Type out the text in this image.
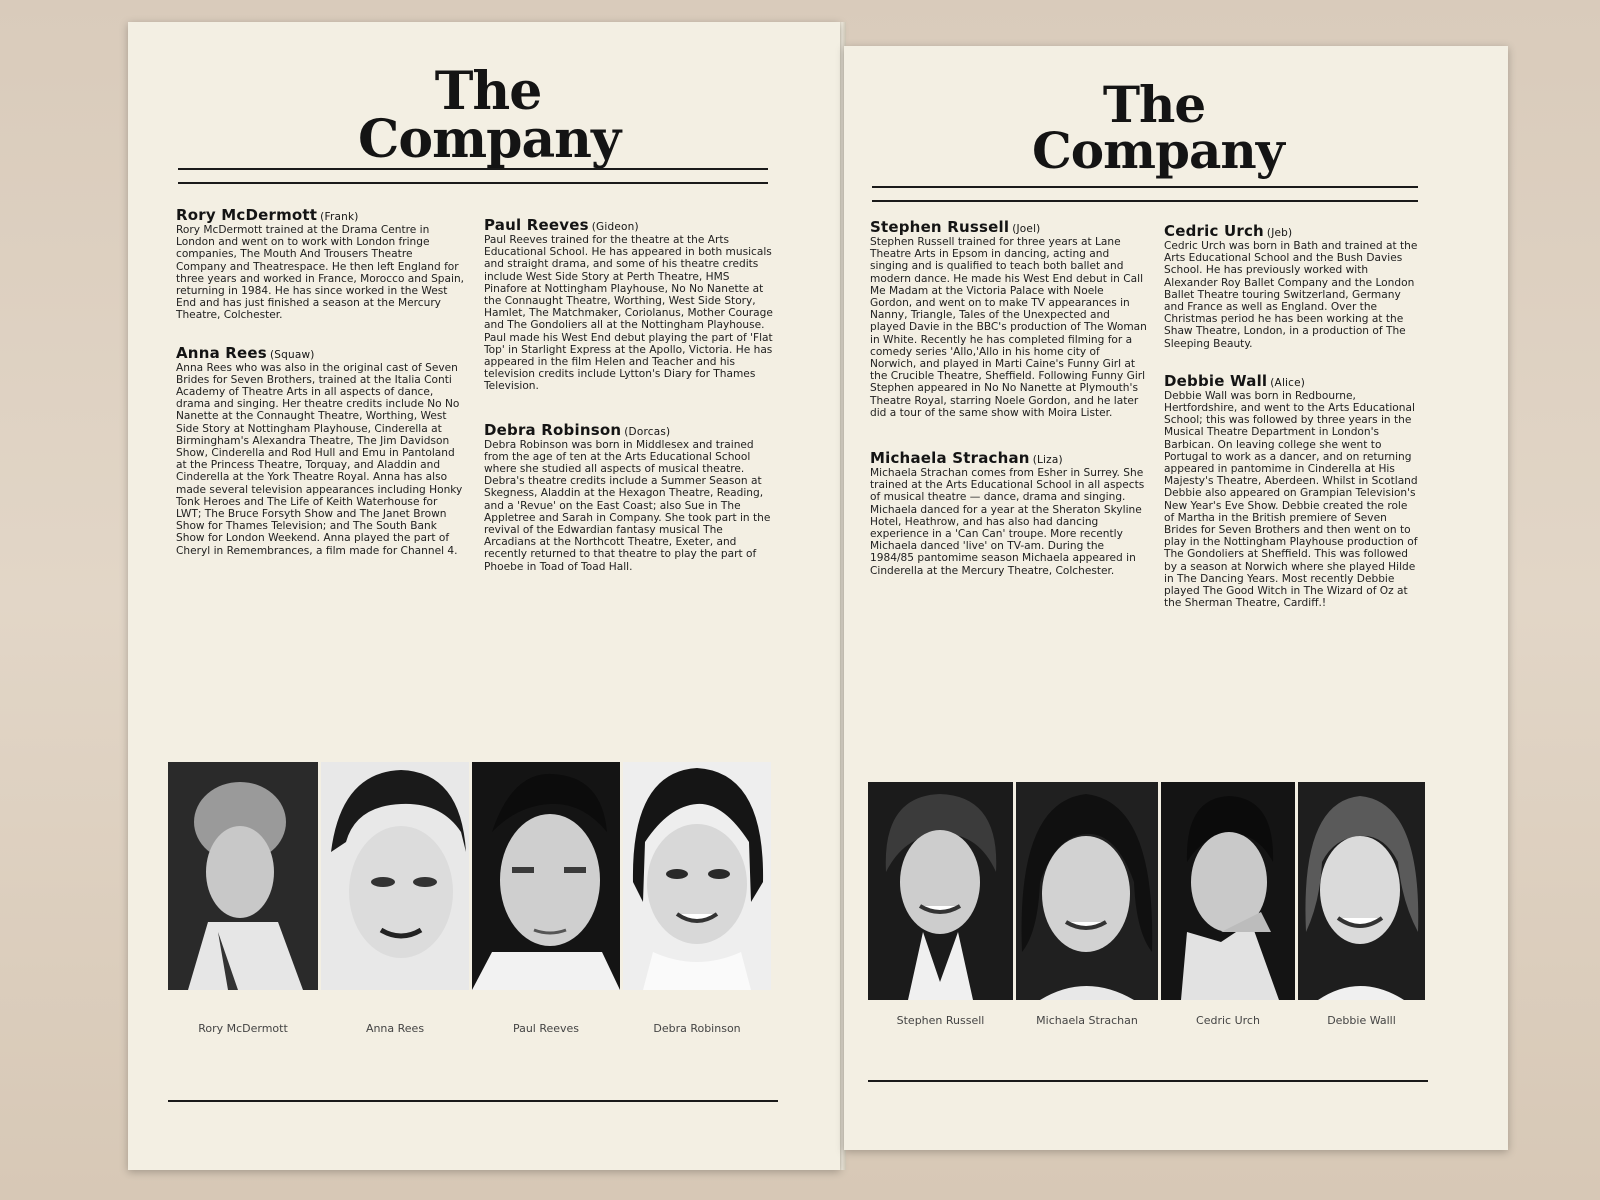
The
Company
Rory McDermott (Frank)

Rory McDermott trained at the Drama Centre in London and went on to work with London fringe companies, The Mouth And Trousers Theatre Company and Theatrespace. He then left England for three years and worked in France, Morocco and Spain, returning in 1984. He has since worked in the West End and has just finished a season at the Mercury Theatre, Colchester.

Anna Rees (Squaw)

Anna Rees who was also in the original cast of Seven Brides for Seven Brothers, trained at the Italia Conti Academy of Theatre Arts in all aspects of dance, drama and singing. Her theatre credits include No No Nanette at the Connaught Theatre, Worthing, West Side Story at Nottingham Playhouse, Cinderella at Birmingham's Alexandra Theatre, The Jim Davidson Show, Cinderella and Rod Hull and Emu in Pantoland at the Princess Theatre, Torquay, and Aladdin and Cinderella at the York Theatre Royal. Anna has also made several television appearances including Honky Tonk Heroes and The Life of Keith Waterhouse for LWT; The Bruce Forsyth Show and The Janet Brown Show for Thames Television; and The South Bank Show for London Weekend. Anna played the part of Cheryl in Remembrances, a film made for Channel 4.

Paul Reeves (Gideon)

Paul Reeves trained for the theatre at the Arts Educational School. He has appeared in both musicals and straight drama, and some of his theatre credits include West Side Story at Perth Theatre, HMS Pinafore at Nottingham Playhouse, No No Nanette at the Connaught Theatre, Worthing, West Side Story, Hamlet, The Matchmaker, Coriolanus, Mother Courage and The Gondoliers all at the Nottingham Playhouse. Paul made his West End debut playing the part of 'Flat Top' in Starlight Express at the Apollo, Victoria. He has appeared in the film Helen and Teacher and his television credits include Lytton's Diary for Thames Television.

Debra Robinson (Dorcas)

Debra Robinson was born in Middlesex and trained from the age of ten at the Arts Educational School where she studied all aspects of musical theatre. Debra's theatre credits include a Summer Season at Skegness, Aladdin at the Hexagon Theatre, Reading, and a 'Revue' on the East Coast; also Sue in The Appletree and Sarah in Company. She took part in the revival of the Edwardian fantasy musical The Arcadians at the Northcott Theatre, Exeter, and recently returned to that theatre to play the part of Phoebe in Toad of Toad Hall.

Rory McDermott	Anna Rees	Paul Reeves	Debra Robinson
The
Company
Stephen Russell (Joel)

Stephen Russell trained for three years at Lane Theatre Arts in Epsom in dancing, acting and singing and is qualified to teach both ballet and modern dance. He made his West End debut in Call Me Madam at the Victoria Palace with Noele Gordon, and went on to make TV appearances in Nanny, Triangle, Tales of the Unexpected and played Davie in the BBC's production of The Woman in White. Recently he has completed filming for a comedy series 'Allo,'Allo in his home city of Norwich, and played in Marti Caine's Funny Girl at the Crucible Theatre, Sheffield. Following Funny Girl Stephen appeared in No No Nanette at Plymouth's Theatre Royal, starring Noele Gordon, and he later did a tour of the same show with Moira Lister.

Michaela Strachan (Liza)

Michaela Strachan comes from Esher in Surrey. She trained at the Arts Educational School in all aspects of musical theatre — dance, drama and singing. Michaela danced for a year at the Sheraton Skyline Hotel, Heathrow, and has also had dancing experience in a 'Can Can' troupe. More recently Michaela danced 'live' on TV-am. During the 1984/85 pantomime season Michaela appeared in Cinderella at the Mercury Theatre, Colchester.

Cedric Urch (Jeb)

Cedric Urch was born in Bath and trained at the Arts Educational School and the Bush Davies School. He has previously worked with Alexander Roy Ballet Company and the London Ballet Theatre touring Switzerland, Germany and France as well as England. Over the Christmas period he has been working at the Shaw Theatre, London, in a production of The Sleeping Beauty.

Debbie Wall (Alice)

Debbie Wall was born in Redbourne, Hertfordshire, and went to the Arts Educational School; this was followed by three years in the Musical Theatre Department in London's Barbican. On leaving college she went to Portugal to work as a dancer, and on returning appeared in pantomime in Cinderella at His Majesty's Theatre, Aberdeen. Whilst in Scotland Debbie also appeared on Grampian Television's New Year's Eve Show. Debbie created the role of Martha in the British premiere of Seven Brides for Seven Brothers and then went on to play in the Nottingham Playhouse production of The Gondoliers at Sheffield. This was followed by a season at Norwich where she played Hilde in The Dancing Years. Most recently Debbie played The Good Witch in The Wizard of Oz at the Sherman Theatre, Cardiff.!

Stephen Russell	Michaela Strachan	Cedric Urch	Debbie Walll
